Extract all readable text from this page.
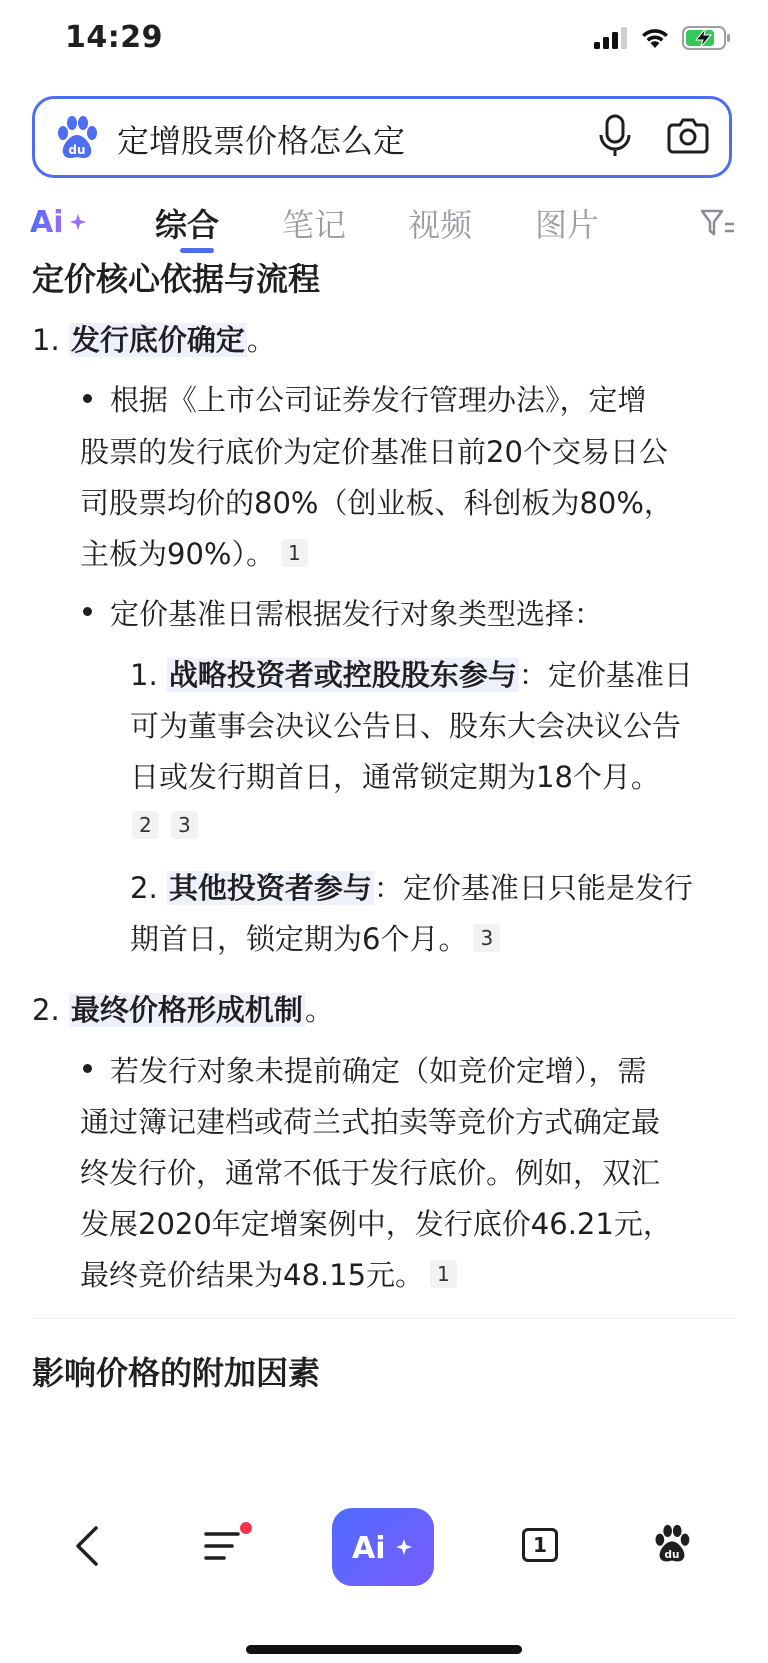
14:29
du 定增股票价格怎么定
Ai	综合 笔记 视频 图片
定价核心依据与流程
1. 发行底价确定。
根据《上市公司证券发行管理办法》，定增
股票的发行底价为定价基准日前20个交易日公
司股票均价的80%（创业板、科创板为80%，
主板为90%）。 1
定价基准日需根据发行对象类型选择：
1. 战略投资者或控股股东参与：定价基准日
可为董事会决议公告日、股东大会决议公告
日或发行期首日，通常锁定期为18个月。
2	3
2. 其他投资者参与：定价基准日只能是发行
期首日，锁定期为6个月。 3
2. 最终价格形成机制。
若发行对象未提前确定（如竞价定增），需
通过簿记建档或荷兰式拍卖等竞价方式确定最
终发行价，通常不低于发行底价。例如，双汇
发展2020年定增案例中，发行底价46.21元，
最终竞价结果为48.15元。 1
影响价格的附加因素
Ai	1	du
